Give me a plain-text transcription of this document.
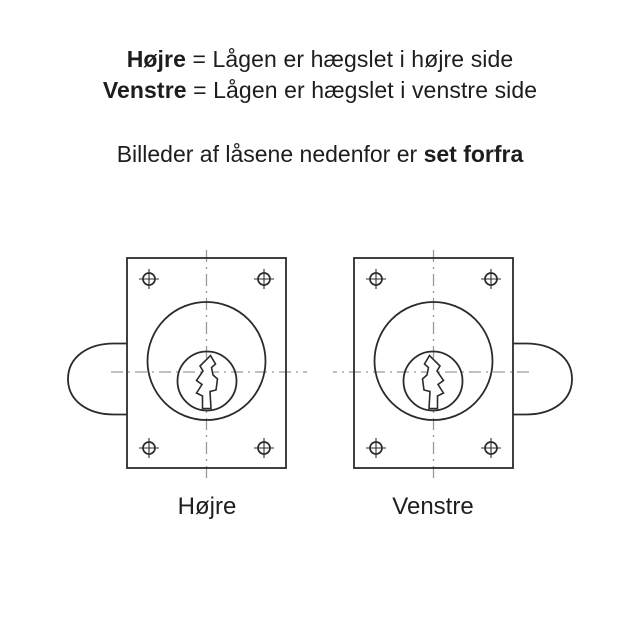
Højre = Lågen er hægslet i højre side
Venstre = Lågen er hægslet i venstre side
Billeder af låsene nedenfor er set forfra
Højre	Venstre
